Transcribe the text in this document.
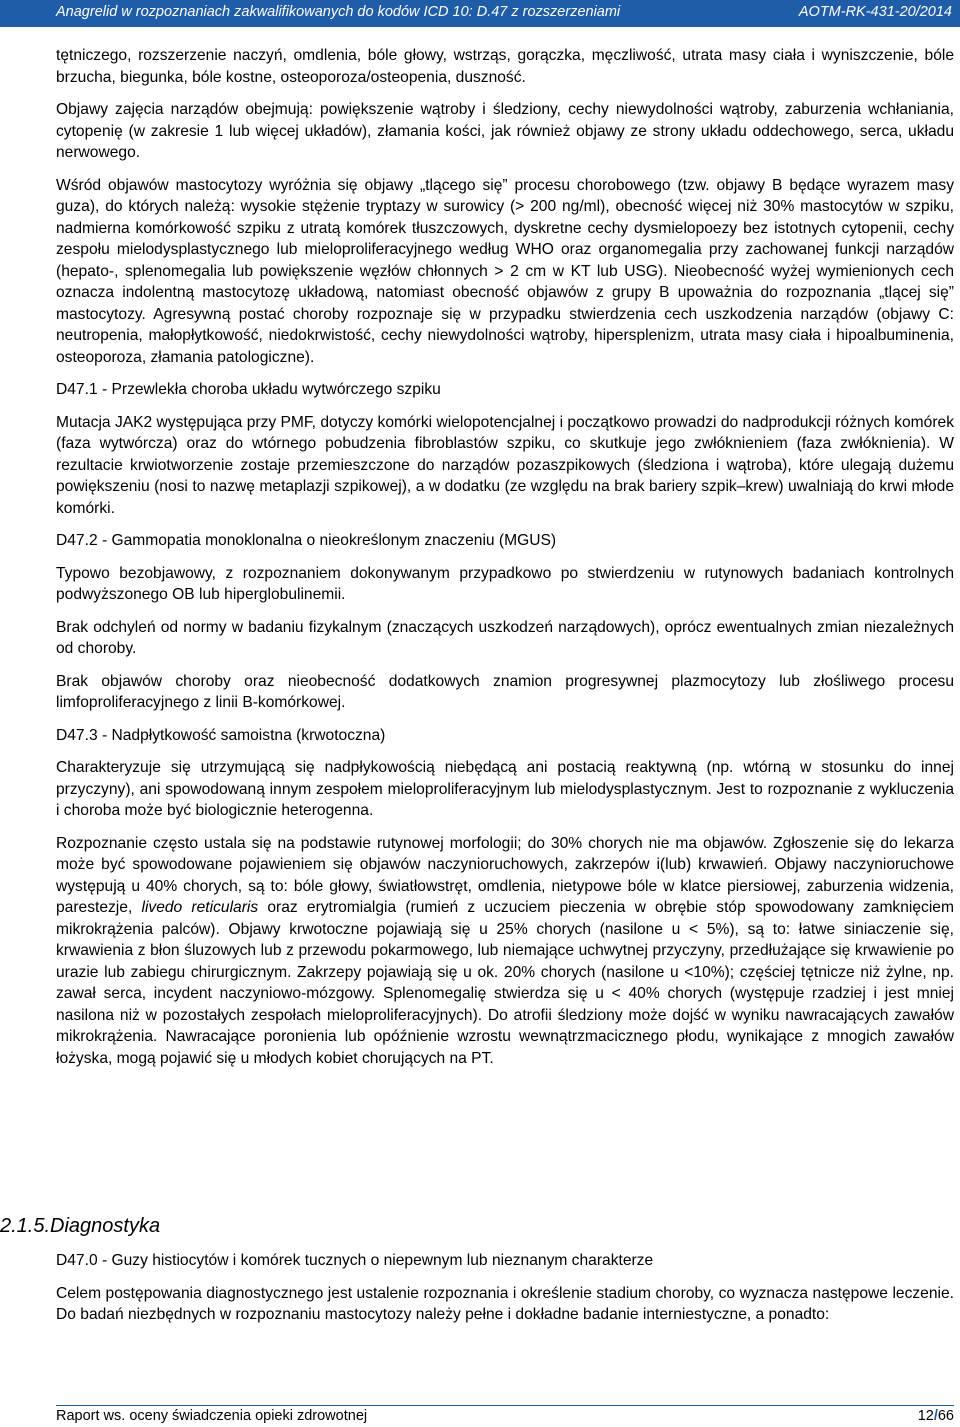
Anagrelid w rozpoznaniach zakwalifikowanych do kodów ICD 10: D.47 z rozszerzeniami	AOTM-RK-431-20/2014

tętniczego, rozszerzenie naczyń, omdlenia, bóle głowy, wstrząs, gorączka, męczliwość, utrata masy ciała i wyniszczenie, bóle brzucha, biegunka, bóle kostne, osteoporoza/osteopenia, duszność.

Objawy zajęcia narządów obejmują: powiększenie wątroby i śledziony, cechy niewydolności wątroby, zaburzenia wchłaniania, cytopenię (w zakresie 1 lub więcej układów), złamania kości, jak również objawy ze strony układu oddechowego, serca, układu nerwowego.

Wśród objawów mastocytozy wyróżnia się objawy „tlącego się” procesu chorobowego (tzw. objawy B będące wyrazem masy guza), do których należą: wysokie stężenie tryptazy w surowicy (> 200 ng/ml), obecność więcej niż 30% mastocytów w szpiku, nadmierna komórkowość szpiku z utratą komórek tłuszczowych, dyskretne cechy dysmielopoezy bez istotnych cytopenii, cechy zespołu mielodysplastycznego lub mieloproliferacyjnego według WHO oraz organomegalia przy zachowanej funkcji narządów (hepato-, splenomegalia lub powiększenie węzłów chłonnych > 2 cm w KT lub USG). Nieobecność wyżej wymienionych cech oznacza indolentną mastocytozę układową, natomiast obecność objawów z grupy B upoważnia do rozpoznania „tlącej się” mastocytozy. Agresywną postać choroby rozpoznaje się w przypadku stwierdzenia cech uszkodzenia narządów (objawy C: neutropenia, małopłytkowość, niedokrwistość, cechy niewydolności wątroby, hipersplenizm, utrata masy ciała i hipoalbuminenia, osteoporoza, złamania patologiczne).

D47.1 - Przewlekła choroba układu wytwórczego szpiku

Mutacja JAK2 występująca przy PMF, dotyczy komórki wielopotencjalnej i początkowo prowadzi do nadprodukcji różnych komórek (faza wytwórcza) oraz do wtórnego pobudzenia fibroblastów szpiku, co skutkuje jego zwłóknieniem (faza zwłóknienia). W rezultacie krwiotworzenie zostaje przemieszczone do narządów pozaszpikowych (śledziona i wątroba), które ulegają dużemu powiększeniu (nosi to nazwę metaplazji szpikowej), a w dodatku (ze względu na brak bariery szpik–krew) uwalniają do krwi młode komórki.

D47.2 - Gammopatia monoklonalna o nieokreślonym znaczeniu (MGUS)

Typowo bezobjawowy, z rozpoznaniem dokonywanym przypadkowo po stwierdzeniu w rutynowych badaniach kontrolnych podwyższonego OB lub hiperglobulinemii.

Brak odchyleń od normy w badaniu fizykalnym (znaczących uszkodzeń narządowych), oprócz ewentualnych zmian niezależnych od choroby.

Brak objawów choroby oraz nieobecność dodatkowych znamion progresywnej plazmocytozy lub złośliwego procesu limfoproliferacyjnego z linii B-komórkowej.

D47.3 - Nadpłytkowość samoistna (krwotoczna)

Charakteryzuje się utrzymującą się nadpłykowością niebędącą ani postacią reaktywną (np. wtórną w stosunku do innej przyczyny), ani spowodowaną innym zespołem mieloproliferacyjnym lub mielodysplastycznym. Jest to rozpoznanie z wykluczenia i choroba może być biologicznie heterogenna.

Rozpoznanie często ustala się na podstawie rutynowej morfologii; do 30% chorych nie ma objawów. Zgłoszenie się do lekarza może być spowodowane pojawieniem się objawów naczynioruchowych, zakrzepów i(lub) krwawień. Objawy naczynioruchowe występują u 40% chorych, są to: bóle głowy, światłowstręt, omdlenia, nietypowe bóle w klatce piersiowej, zaburzenia widzenia, parestezje, livedo reticularis oraz erytromialgia (rumień z uczuciem pieczenia w obrębie stóp spowodowany zamknięciem mikrokrążenia palców). Objawy krwotoczne pojawiają się u 25% chorych (nasilone u < 5%), są to: łatwe siniaczenie się, krwawienia z błon śluzowych lub z przewodu pokarmowego, lub niemające uchwytnej przyczyny, przedłużające się krwawienie po urazie lub zabiegu chirurgicznym. Zakrzepy pojawiają się u ok. 20% chorych (nasilone u <10%); częściej tętnicze niż żylne, np. zawał serca, incydent naczyniowo-mózgowy. Splenomegalię stwierdza się u < 40% chorych (występuje rzadziej i jest mniej nasilona niż w pozostałych zespołach mieloproliferacyjnych). Do atrofii śledziony może dojść w wyniku nawracających zawałów mikrokrążenia. Nawracające poronienia lub opóźnienie wzrostu wewnątrzmacicznego płodu, wynikające z mnogich zawałów łożyska, mogą pojawić się u młodych kobiet chorujących na PT.

2.1.5.Diagnostyka
D47.0 - Guzy histiocytów i komórek tucznych o niepewnym lub nieznanym charakterze

Celem postępowania diagnostycznego jest ustalenie rozpoznania i określenie stadium choroby, co wyznacza następowe leczenie. Do badań niezbędnych w rozpoznaniu mastocytozy należy pełne i dokładne badanie interniestyczne, a ponadto:

Raport ws. oceny świadczenia opieki zdrowotnej	12/66
